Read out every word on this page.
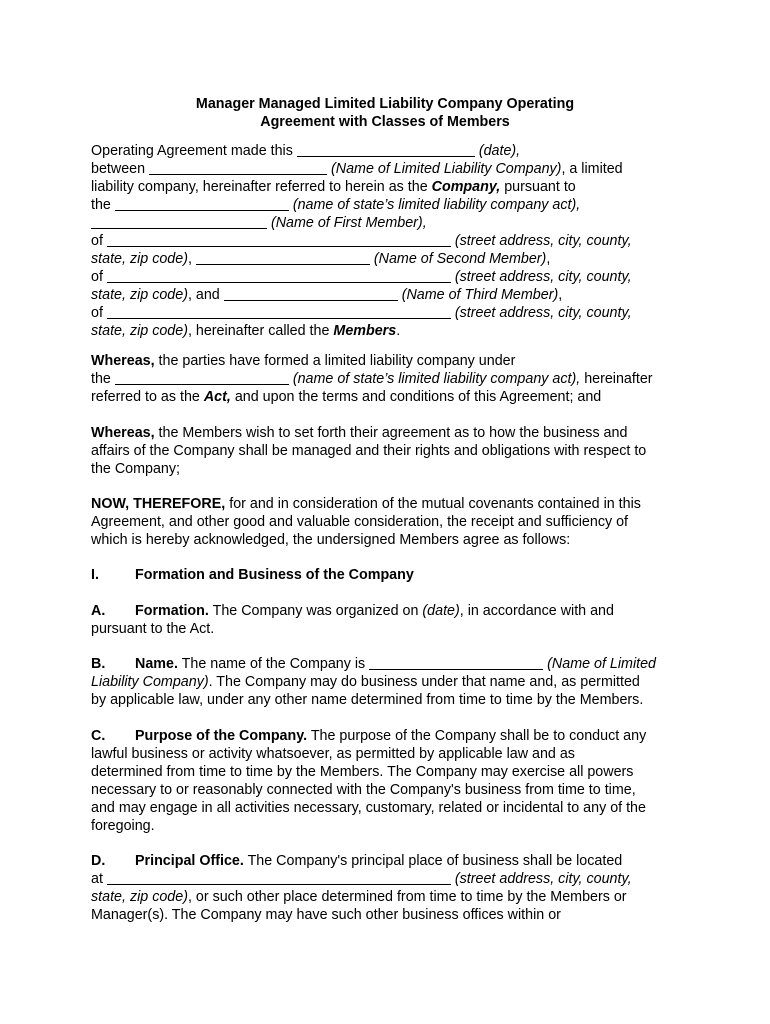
Manager Managed Limited Liability Company Operating
Agreement with Classes of Members
Operating Agreement made this	(date),
between	(Name of Limited Liability Company), a limited
liability company, hereinafter referred to herein as the Company, pursuant to
the	(name of state’s limited liability company act),
(Name of First Member),
of	(street address, city, county,
state, zip code),	(Name of Second Member),
of	(street address, city, county,
state, zip code), and	(Name of Third Member),
of	(street address, city, county,
state, zip code), hereinafter called the Members.
Whereas, the parties have formed a limited liability company under
the	(name of state’s limited liability company act), hereinafter
referred to as the Act, and upon the terms and conditions of this Agreement; and
Whereas, the Members wish to set forth their agreement as to how the business and
affairs of the Company shall be managed and their rights and obligations with respect to
the Company;
NOW, THEREFORE, for and in consideration of the mutual covenants contained in this
Agreement, and other good and valuable consideration, the receipt and sufficiency of
which is hereby acknowledged, the undersigned Members agree as follows:
I.	Formation and Business of the Company
A. Formation. The Company was organized on (date), in accordance with and
pursuant to the Act.
B. Name. The name of the Company is	(Name of Limited
Liability Company). The Company may do business under that name and, as permitted
by applicable law, under any other name determined from time to time by the Members.
C. Purpose of the Company. The purpose of the Company shall be to conduct any
lawful business or activity whatsoever, as permitted by applicable law and as
determined from time to time by the Members. The Company may exercise all powers
necessary to or reasonably connected with the Company's business from time to time,
and may engage in all activities necessary, customary, related or incidental to any of the
foregoing.
D. Principal Office. The Company's principal place of business shall be located
at	(street address, city, county,
state, zip code), or such other place determined from time to time by the Members or
Manager(s). The Company may have such other business offices within or
